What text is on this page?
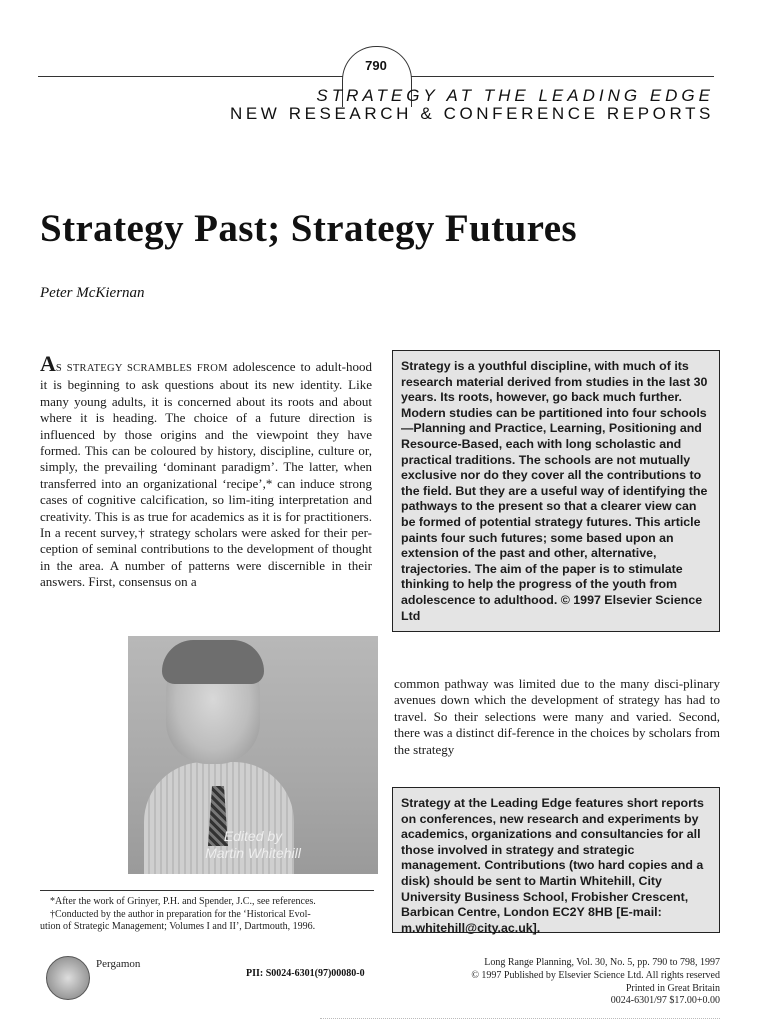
790
STRATEGY AT THE LEADING EDGE
NEW RESEARCH & CONFERENCE REPORTS
Strategy Past; Strategy Futures
Peter McKiernan
AS STRATEGY SCRAMBLES FROM adolescence to adult-hood it is beginning to ask questions about its new identity. Like many young adults, it is concerned about its roots and about where it is heading. The choice of a future direction is influenced by those origins and the viewpoint they have formed. This can be coloured by history, discipline, culture or, simply, the prevailing ‘dominant paradigm’. The latter, when transferred into an organizational ‘recipe’,* can induce strong cases of cognitive calcification, so lim-iting interpretation and creativity. This is as true for academics as it is for practitioners. In a recent survey,† strategy scholars were asked for their per-ception of seminal contributions to the development of thought in the area. A number of patterns were discernible in their answers. First, consensus on a
Strategy is a youthful discipline, with much of its research material derived from studies in the last 30 years. Its roots, however, go back much further. Modern studies can be partitioned into four schools—Planning and Practice, Learning, Positioning and Resource-Based, each with long scholastic and practical traditions. The schools are not mutually exclusive nor do they cover all the contributions to the field. But they are a useful way of identifying the pathways to the present so that a clearer view can be formed of potential strategy futures. This article paints four such futures; some based upon an extension of the past and other, alternative, trajectories. The aim of the paper is to stimulate thinking to help the progress of the youth from adolescence to adulthood. © 1997 Elsevier Science Ltd
Edited by
Martin Whitehill
common pathway was limited due to the many disci-plinary avenues down which the development of strategy has had to travel. So their selections were many and varied. Second, there was a distinct dif-ference in the choices by scholars from the strategy
Strategy at the Leading Edge features short reports on conferences, new research and experiments by academics, organizations and consultancies for all those involved in strategy and strategic management. Contributions (two hard copies and a disk) should be sent to Martin Whitehill, City University Business School, Frobisher Crescent, Barbican Centre, London EC2Y 8HB [E-mail: m.whitehill@city.ac.uk].
*After the work of Grinyer, P.H. and Spender, J.C., see references.
†Conducted by the author in preparation for the ‘Historical Evol-
ution of Strategic Management; Volumes I and II’, Dartmouth, 1996.
Pergamon
PII: S0024-6301(97)00080-0
Long Range Planning, Vol. 30, No. 5, pp. 790 to 798, 1997
© 1997 Published by Elsevier Science Ltd. All rights reserved
Printed in Great Britain
0024-6301/97 $17.00+0.00
